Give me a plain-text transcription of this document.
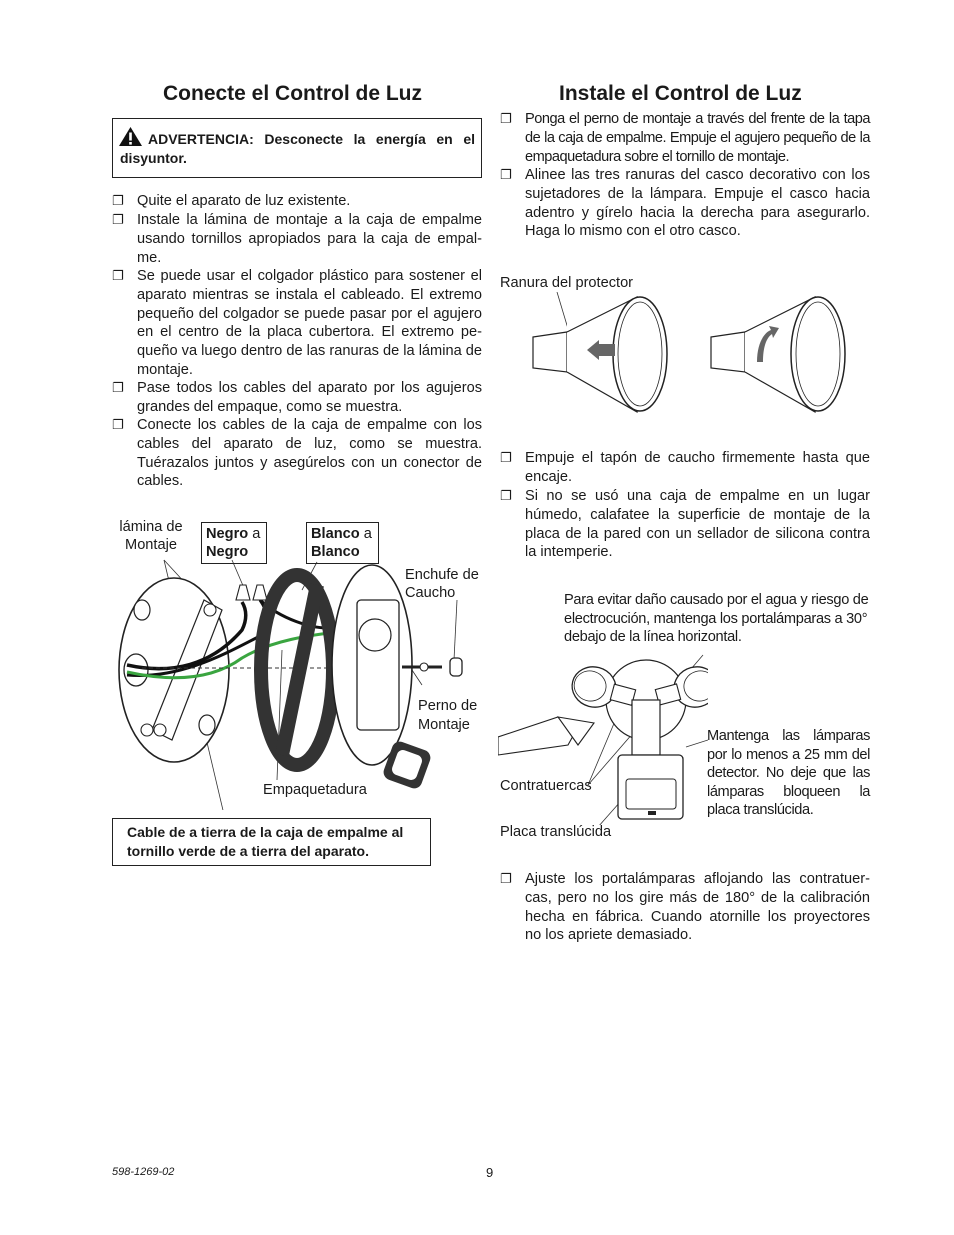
Conecte el Control de Luz
ADVERTENCIA: Desconecte la energía en el disyuntor.
❐ Quite el aparato de luz existente.
❐ Instale la lámina de montaje a la caja de empalme usando tornillos apropiados para la caja de empal-me.
❐ Se puede usar el colgador plástico para sostener el aparato mientras se instala el cableado. El extremo pequeño del colgador se puede pasar por el agujero en el centro de la placa cubertora. El extremo pe-queño va luego dentro de las ranuras de la lámina de montaje.
❐ Pase todos los cables del aparato por los agujeros grandes del empaque, como se muestra.
❐ Conecte los cables de la caja de empalme con los cables del aparato de luz, como se muestra. Tuérazalos juntos y asegúrelos con un conector de cables.
lámina de Montaje
Negro a
Negro
Blanco a
Blanco
Enchufe de Caucho
Perno de Montaje
Empaquetadura
Cable de a tierra de la caja de empalme al tornillo verde de a tierra del aparato.
Instale el Control de Luz
❐ Ponga el perno de montaje a través del frente de la tapa de la caja de empalme. Empuje el agujero pequeño de la empaquetadura sobre el tornillo de montaje.
❐ Alinee las tres ranuras del casco decorativo con los sujetadores de la lámpara. Empuje el casco hacia adentro y gírelo hacia la derecha para asegurarlo. Haga lo mismo con el otro casco.
Ranura del protector
❐ Empuje el tapón de caucho firmemente hasta que encaje.
❐ Si no se usó una caja de empalme en un lugar húmedo, calafatee la superficie de montaje de la placa de la pared con un sellador de silicona contra la intemperie.
Para evitar daño causado por el agua y riesgo de electrocución, mantenga los portalámparas a 30° debajo de la línea horizontal.
Mantenga las lámparas por lo menos a 25 mm del detector. No deje que las lámparas bloqueen la placa translúcida.
Contratuercas
Placa translúcida
❐ Ajuste los portalámparas aflojando las contratuer-cas, pero no los gire más de 180° de la calibración hecha en fábrica. Cuando atornille los proyectores no los apriete demasiado.
598-1269-02	9
